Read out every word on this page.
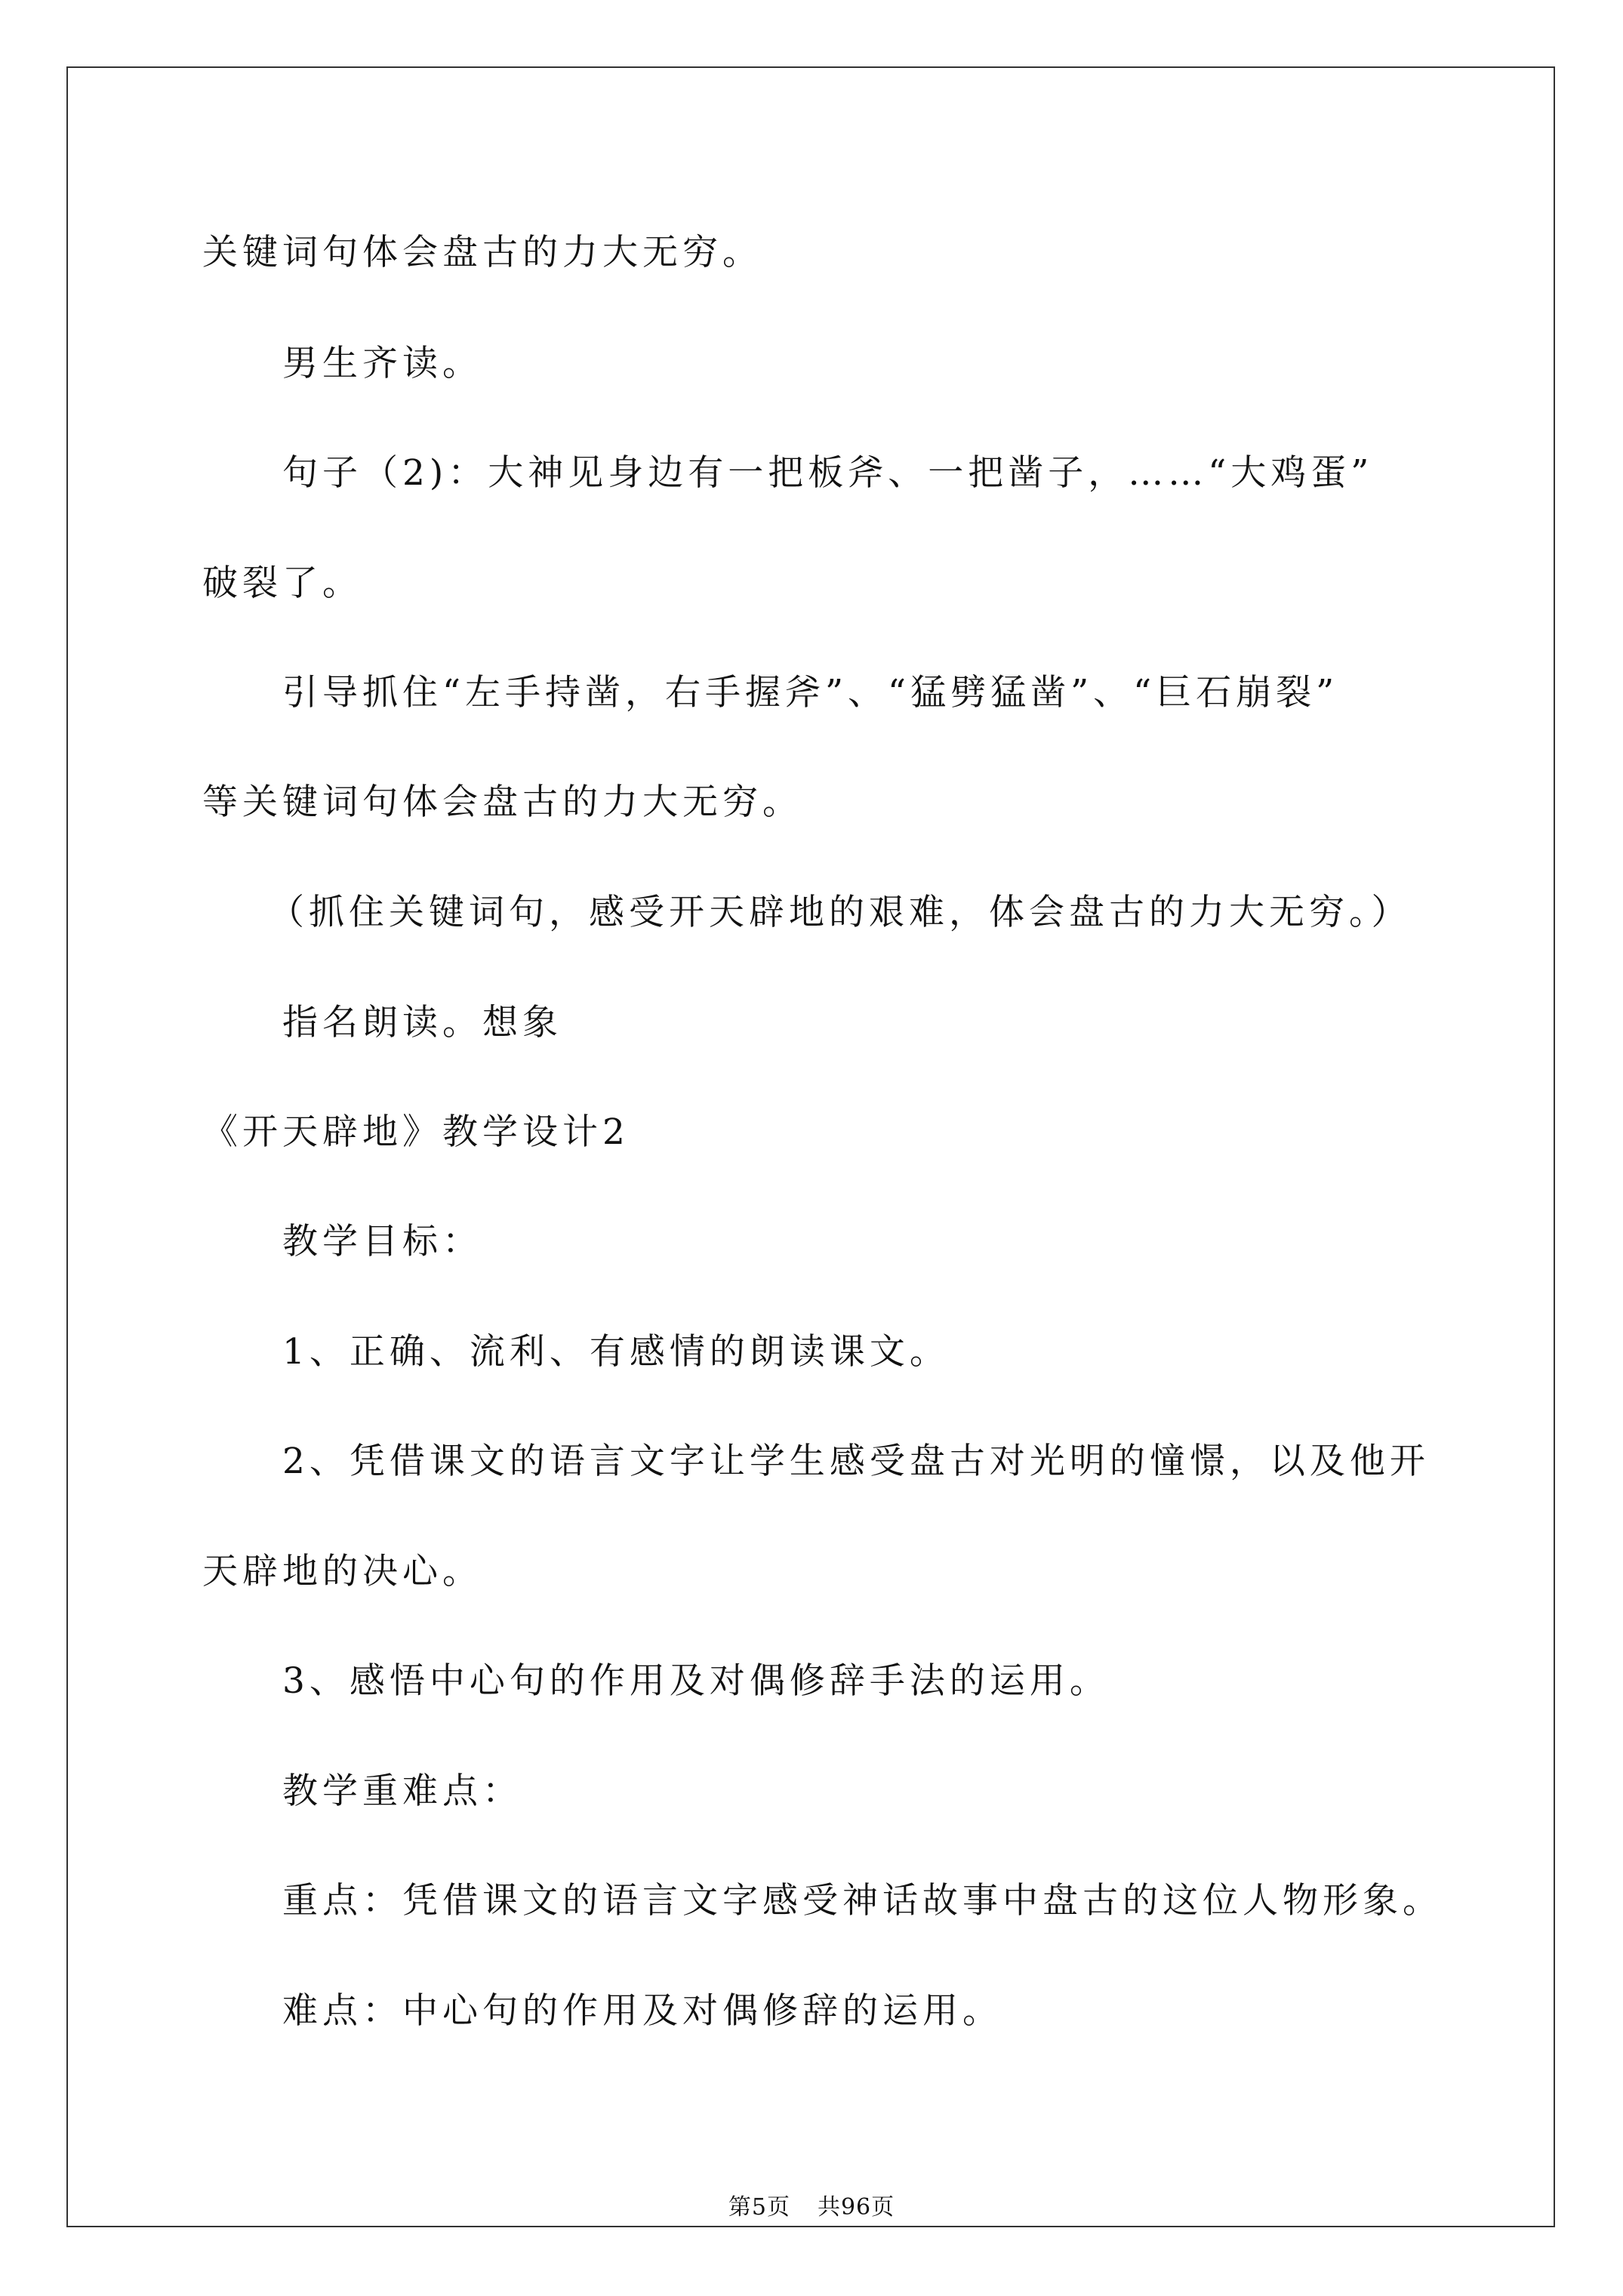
关键词句体会盘古的力大无穷。
男生齐读。
句子（2)：大神见身边有一把板斧、一把凿子，……“大鸡蛋”
破裂了。
引导抓住“左手持凿，右手握斧”、“猛劈猛凿”、“巨石崩裂”
等关键词句体会盘古的力大无穷。
（抓住关键词句，感受开天辟地的艰难，体会盘古的力大无穷。）
指名朗读。想象
《开天辟地》教学设计2
教学目标：
1、正确、流利、有感情的朗读课文。
2、凭借课文的语言文字让学生感受盘古对光明的憧憬，以及他开
天辟地的决心。
3、感悟中心句的作用及对偶修辞手法的运用。
教学重难点：
重点：凭借课文的语言文字感受神话故事中盘古的这位人物形象。
难点：中心句的作用及对偶修辞的运用。
第5页 共96页
